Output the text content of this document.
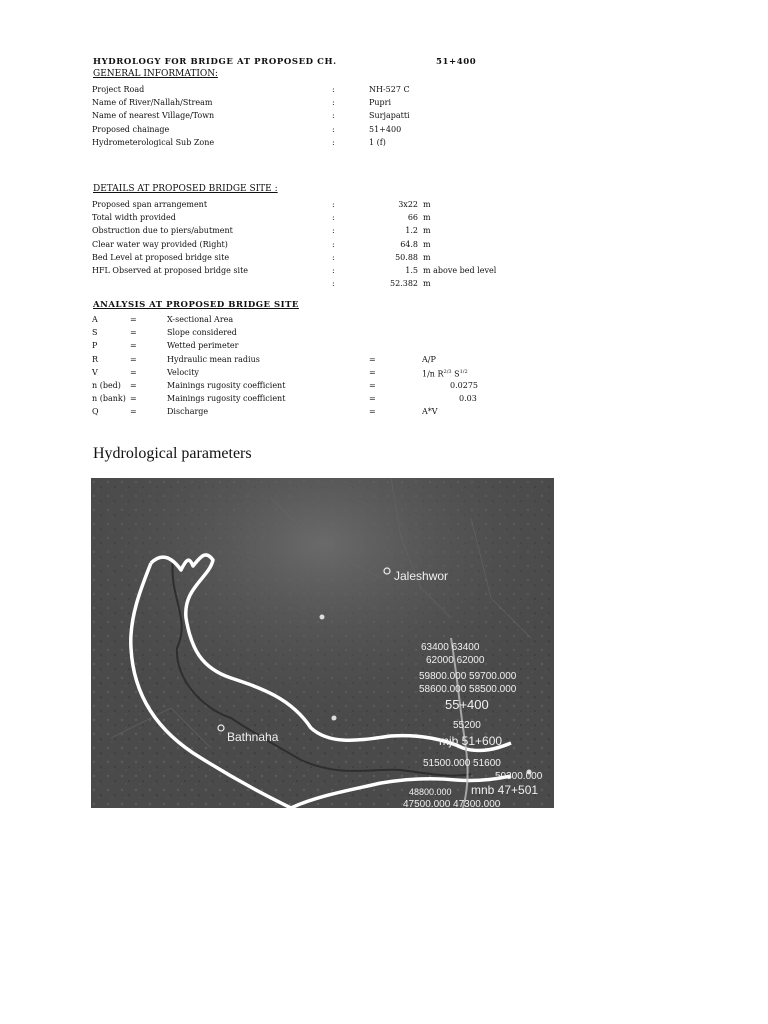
HYDROLOGY FOR BRIDGE AT PROPOSED CH.	51+400
GENERAL INFORMATION:
Project Road	:	NH-527 C
Name of River/Nallah/Stream	:	Pupri
Name of nearest Village/Town	:	Surjapatti
Proposed chainage	:	51+400
Hydrometerological Sub Zone	:	1 (f)
DETAILS AT PROPOSED BRIDGE SITE :
Proposed span arrangement	:	3x22 m
Total width provided	:	66 m
Obstruction due to piers/abutment	:	1.2 m
Clear water way provided (Right)	:	64.8 m
Bed Level at proposed bridge site	:	50.88 m
HFL Observed at proposed bridge site	:	1.5 m above bed level
:	52.382 m
ANALYSIS AT PROPOSED BRIDGE SITE
A	=	X-sectional Area
S	=	Slope considered
P	=	Wetted perimeter
R	=	Hydraulic mean radius	=	A/P
V	=	Velocity	=	1/n $R^{2/3}$ $S^{1/2}$
n (bed) =	Mainings rugosity coefficient	=	0.0275
n (bank) =	Mainings rugosity coefficient	=	0.03
Q	=	Discharge	=	A*V
Hydrological parameters
Jaleshwor
Bathnaha
63400 63400
62000 62000
59800.000 59700.000
58600.000 58500.000
55+400
55200
mjb 51+600
51500.000 51600
50300.000
mnb 47+501
48800.000
47500.000 47300.000
